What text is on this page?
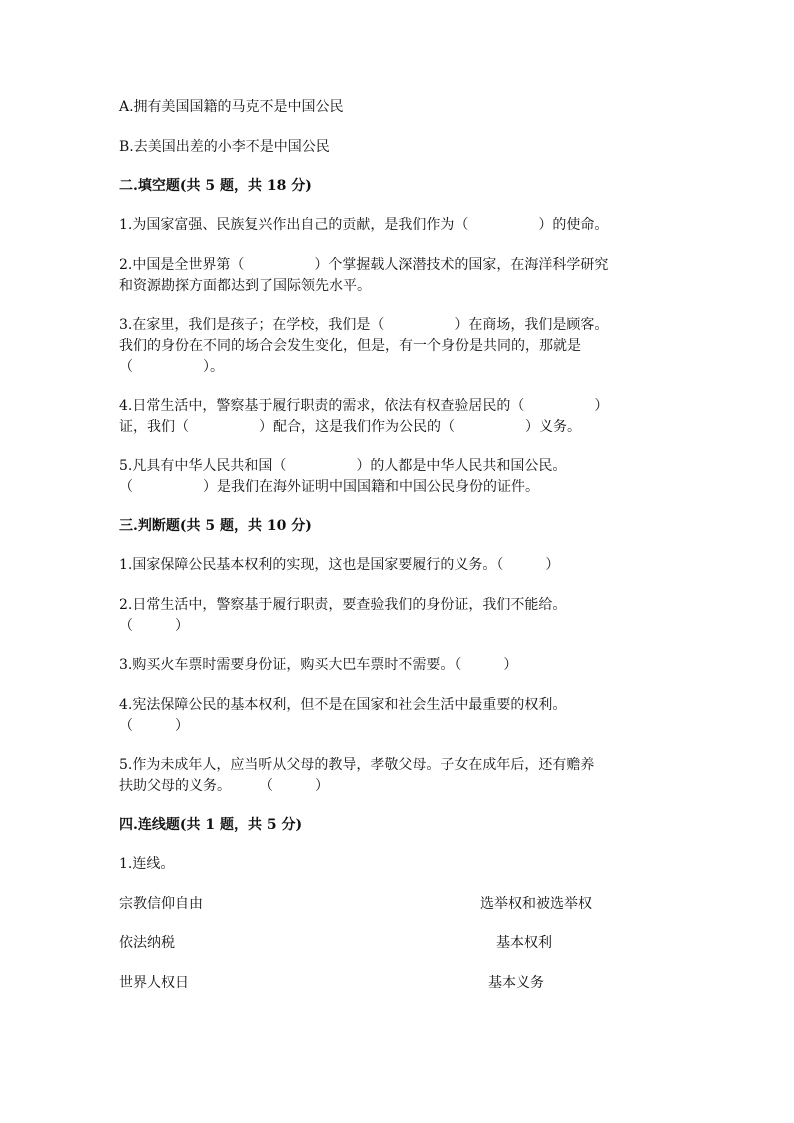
A.拥有美国国籍的马克不是中国公民
B.去美国出差的小李不是中国公民
二.填空题(共 5 题，共 18 分)
1.为国家富强、民族复兴作出自己的贡献，是我们作为（　　　　　）的使命。
2.中国是全世界第（　　　　　）个掌握载人深潜技术的国家，在海洋科学研究
和资源勘探方面都达到了国际领先水平。
3.在家里，我们是孩子；在学校，我们是（　　　　　）在商场，我们是顾客。
我们的身份在不同的场合会发生变化，但是，有一个身份是共同的，那就是
（　　　　　）。
4.日常生活中，警察基于履行职责的需求，依法有权查验居民的（　　　　　）
证，我们（　　　　　）配合，这是我们作为公民的（　　　　　）义务。
5.凡具有中华人民共和国（　　　　　）的人都是中华人民共和国公民。
（　　　　　）是我们在海外证明中国国籍和中国公民身份的证件。
三.判断题(共 5 题，共 10 分)
1.国家保障公民基本权利的实现，这也是国家要履行的义务。（　　　）
2.日常生活中，警察基于履行职责，要查验我们的身份证，我们不能给。
（　　　）
3.购买火车票时需要身份证，购买大巴车票时不需要。（　　　）
4.宪法保障公民的基本权利，但不是在国家和社会生活中最重要的权利。
（　　　）
5.作为未成年人，应当听从父母的教导，孝敬父母。子女在成年后，还有赡养
扶助父母的义务。　　　（　　　）
四.连线题(共 1 题，共 5 分)
1.连线。
宗教信仰自由	选举权和被选举权
依法纳税	基本权利
世界人权日	基本义务
